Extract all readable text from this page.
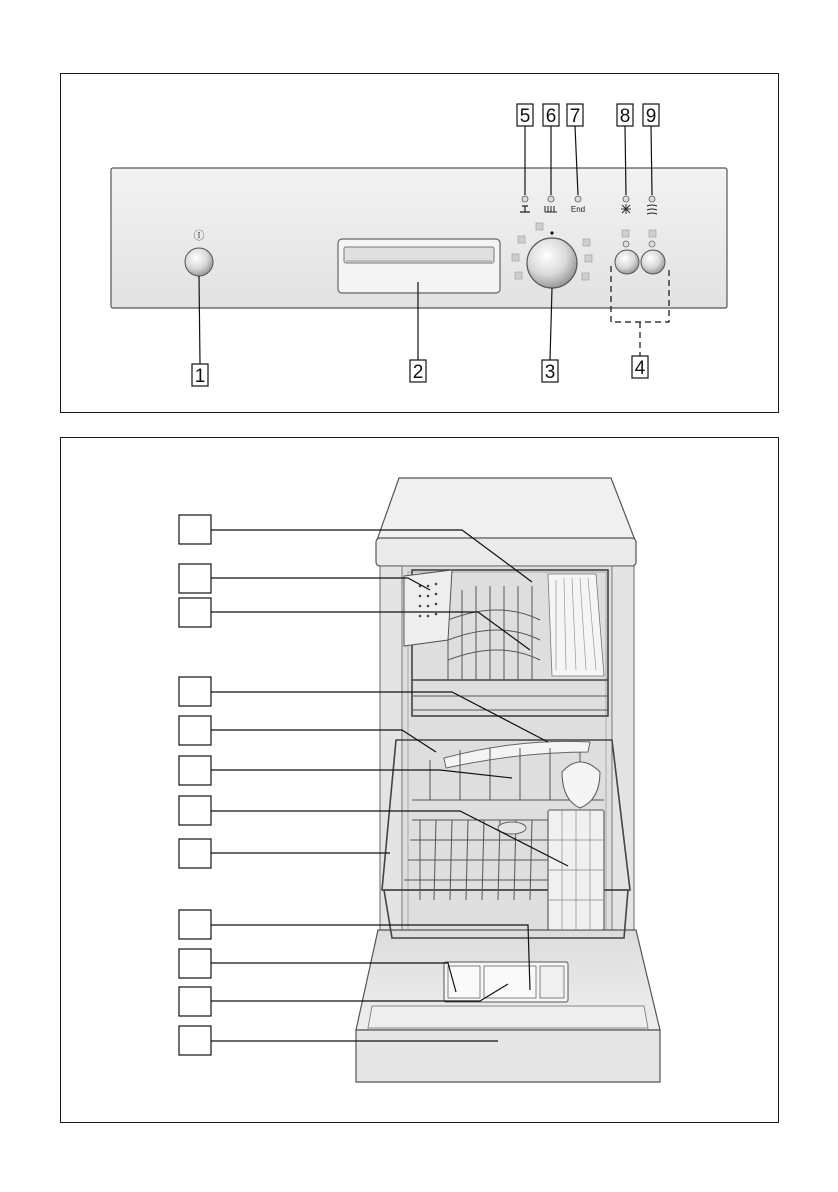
Ⓘ
End
5 6 7 8 9
1	2	3	4
